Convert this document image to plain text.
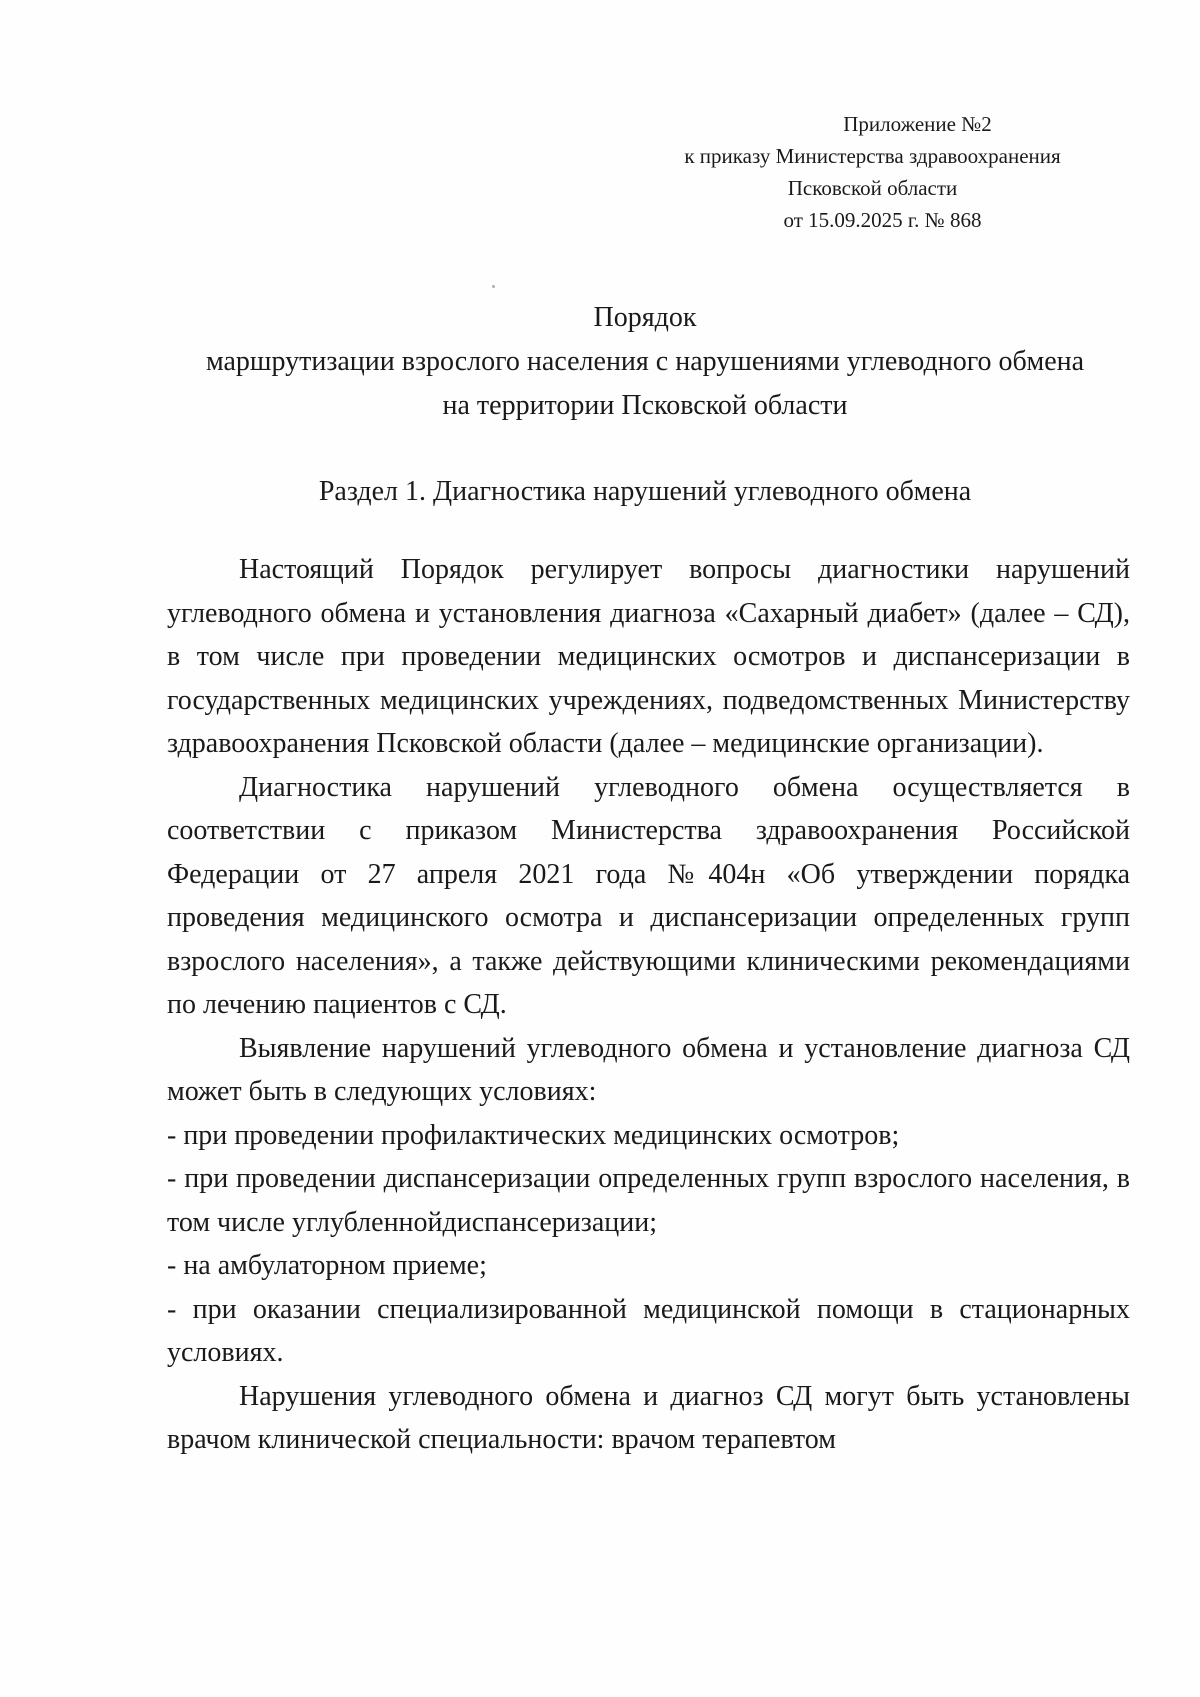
Приложение №2
к приказу Министерства здравоохранения
Псковской области
от 15.09.2025 г. № 868
Порядок
маршрутизации взрослого населения с нарушениями углеводного обмена
на территории Псковской области
Раздел 1. Диагностика нарушений углеводного обмена

Настоящий Порядок регулирует вопросы диагностики нарушений углеводного обмена и установления диагноза «Сахарный диабет» (далее – СД), в том числе при проведении медицинских осмотров и диспансеризации в государственных медицинских учреждениях, подведомственных Министерству здравоохранения Псковской области (далее – медицинские организации).

Диагностика нарушений углеводного обмена осуществляется в соответствии с приказом Министерства здравоохранения Российской Федерации от 27 апреля 2021 года №404н «Об утверждении порядка проведения медицинского осмотра и диспансеризации определенных групп взрослого населения», а также действующими клиническими рекомендациями по лечению пациентов с СД.

Выявление нарушений углеводного обмена и установление диагноза СД может быть в следующих условиях:

- при проведении профилактических медицинских осмотров;

- при проведении диспансеризации определенных групп взрослого населения, в том числе углубленнойдиспансеризации;

- на амбулаторном приеме;

- при оказании специализированной медицинской помощи в стационарных условиях.

Нарушения углеводного обмена и диагноз СД могут быть установлены врачом клинической специальности: врачом терапевтом
